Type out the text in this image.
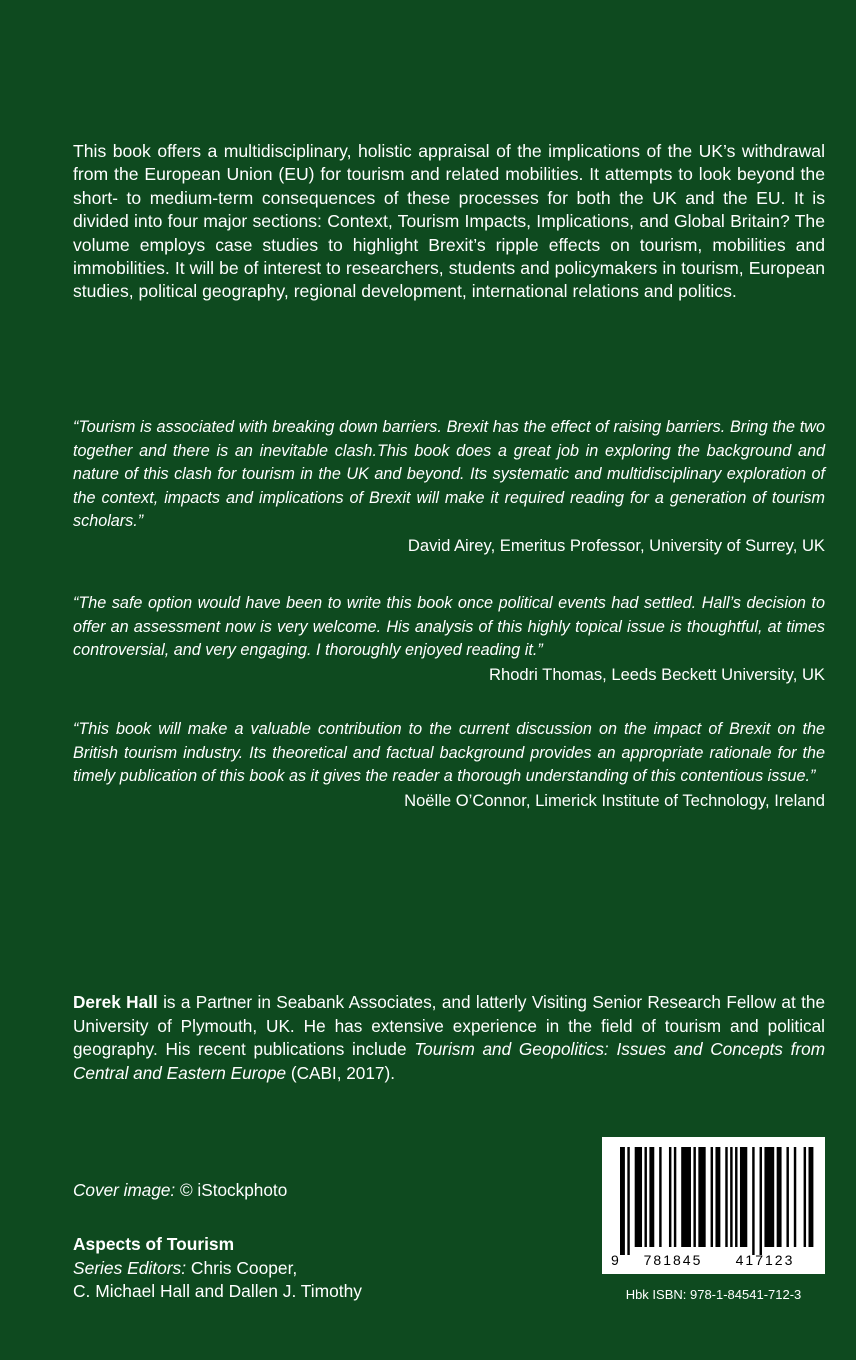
This book offers a multidisciplinary, holistic appraisal of the implications of the UK’s withdrawal from the European Union (EU) for tourism and related mobilities. It attempts to look beyond the short- to medium-term consequences of these processes for both the UK and the EU. It is divided into four major sections: Context, Tourism Impacts, Implications, and Global Britain? The volume employs case studies to highlight Brexit’s ripple effects on tourism, mobilities and immobilities. It will be of interest to researchers, students and policymakers in tourism, European studies, political geography, regional development, international relations and politics.

“Tourism is associated with breaking down barriers. Brexit has the effect of raising barriers. Bring the two together and there is an inevitable clash.This book does a great job in exploring the background and nature of this clash for tourism in the UK and beyond. Its systematic and multidisciplinary exploration of the context, impacts and implications of Brexit will make it required reading for a generation of tourism scholars.”

David Airey, Emeritus Professor, University of Surrey, UK

“The safe option would have been to write this book once political events had settled. Hall’s decision to offer an assessment now is very welcome. His analysis of this highly topical issue is thoughtful, at times controversial, and very engaging. I thoroughly enjoyed reading it.”

Rhodri Thomas, Leeds Beckett University, UK

“This book will make a valuable contribution to the current discussion on the impact of Brexit on the British tourism industry. Its theoretical and factual background provides an appropriate rationale for the timely publication of this book as it gives the reader a thorough understanding of this contentious issue.”

Noëlle O’Connor, Limerick Institute of Technology, Ireland

Derek Hall is a Partner in Seabank Associates, and latterly Visiting Senior Research Fellow at the University of Plymouth, UK. He has extensive experience in the field of tourism and political geography. His recent publications include Tourism and Geopolitics: Issues and Concepts from Central and Eastern Europe (CABI, 2017).

Cover image: © iStockphoto

Aspects of Tourism
Series Editors: Chris Cooper,
C. Michael Hall and Dallen J. Timothy
9 781845 417123
Hbk ISBN: 978-1-84541-712-3
